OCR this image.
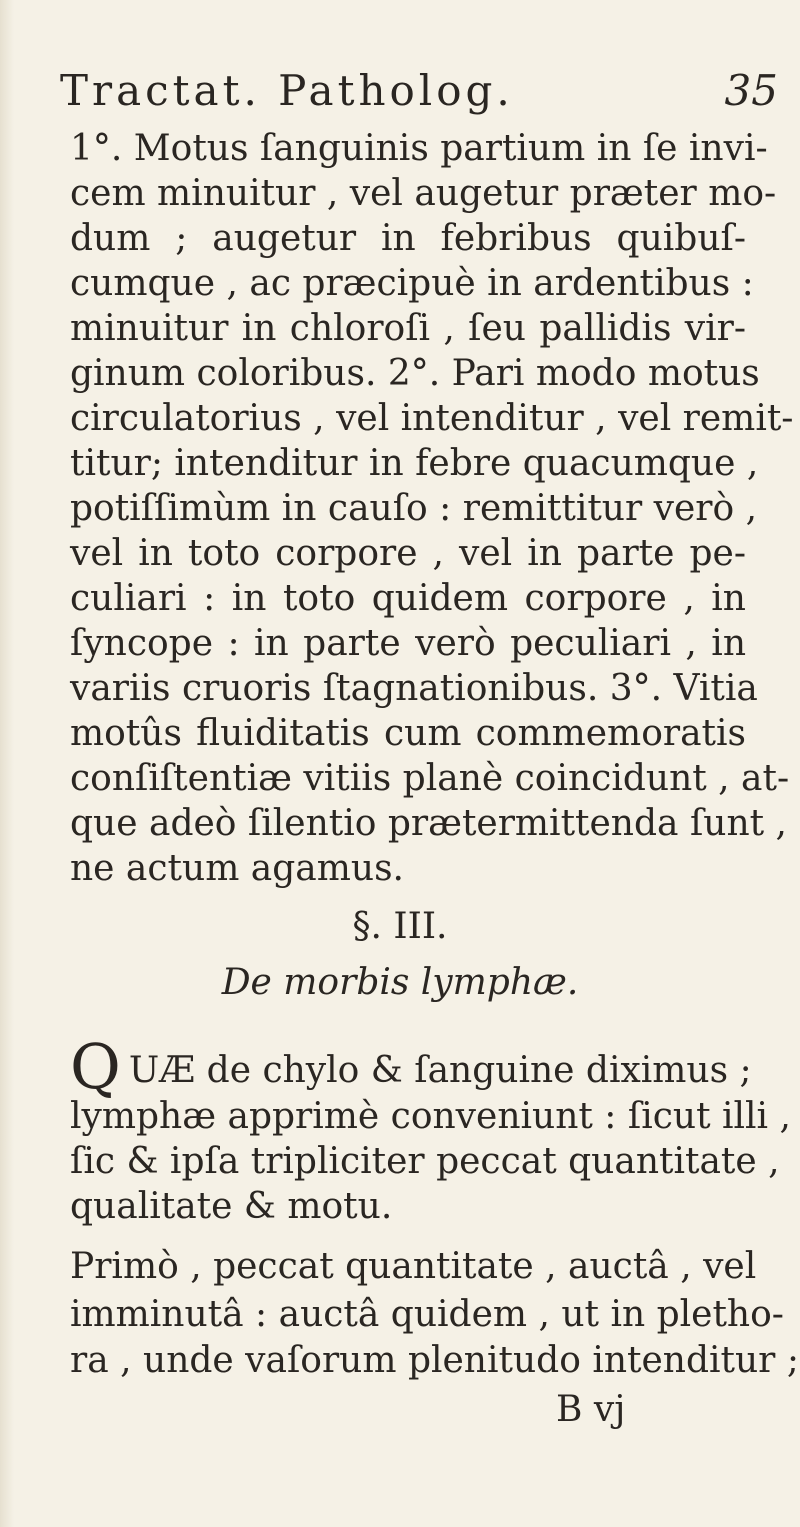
Tractat. Patholog.	35
1°. Motus ſanguinis partium in ſe invi-
cem minuitur , vel augetur præter mo-
dum ; augetur in febribus quibuſ-
cumque , ac præcipuè in ardentibus :
minuitur in chloroſi , ſeu pallidis vir-
ginum coloribus. 2°. Pari modo motus
circulatorius , vel intenditur , vel remit-
titur; intenditur in febre quacumque ,
potiſſimùm in cauſo : remittitur verò ,
vel in toto corpore , vel in parte pe-
culiari : in toto quidem corpore , in
ſyncope : in parte verò peculiari , in
variis cruoris ſtagnationibus. 3°. Vitia
motûs fluiditatis cum commemoratis
conſiſtentiæ vitiis planè coincidunt , at-
que adeò ſilentio prætermittenda ſunt ,
ne actum agamus.
§. III.
De morbis lymphæ.
QUÆ de chylo & ſanguine diximus ;
lymphæ apprimè conveniunt : ſicut illi ,
ſic & ipſa tripliciter peccat quantitate ,
qualitate & motu.
Primò , peccat quantitate , auctâ , vel
imminutâ : auctâ quidem , ut in pletho-
ra , unde vaſorum plenitudo intenditur ;
B vj
